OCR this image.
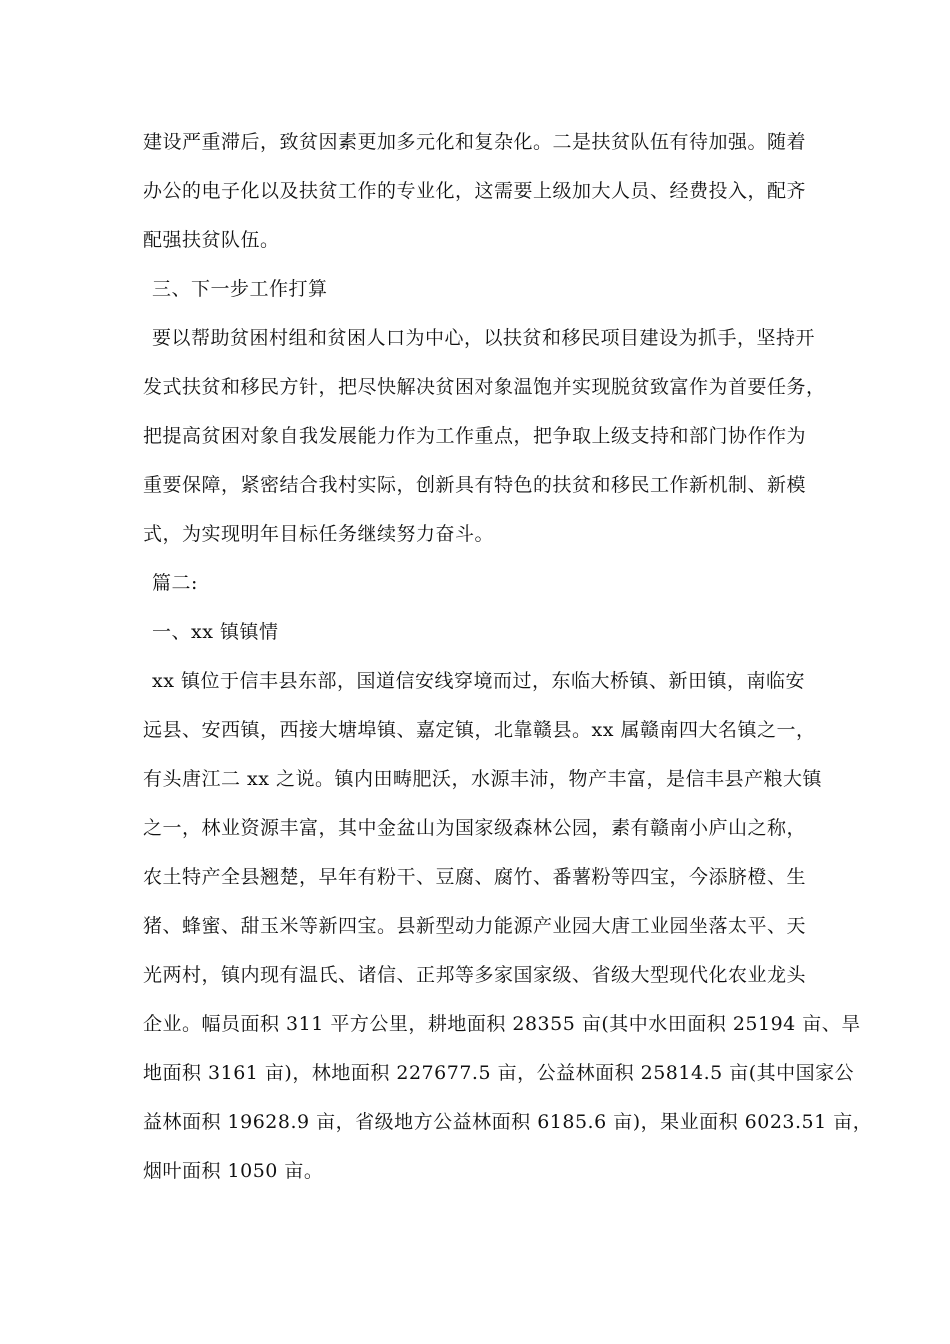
建设严重滞后，致贫因素更加多元化和复杂化。二是扶贫队伍有待加强。随着
办公的电子化以及扶贫工作的专业化，这需要上级加大人员、经费投入，配齐
配强扶贫队伍。
三、下一步工作打算
要以帮助贫困村组和贫困人口为中心，以扶贫和移民项目建设为抓手，坚持开
发式扶贫和移民方针，把尽快解决贫困对象温饱并实现脱贫致富作为首要任务，
把提高贫困对象自我发展能力作为工作重点，把争取上级支持和部门协作作为
重要保障，紧密结合我村实际，创新具有特色的扶贫和移民工作新机制、新模
式，为实现明年目标任务继续努力奋斗。
篇二:
一、xx 镇镇情
xx 镇位于信丰县东部，国道信安线穿境而过，东临大桥镇、新田镇，南临安
远县、安西镇，西接大塘埠镇、嘉定镇，北靠赣县。xx 属赣南四大名镇之一，
有头唐江二 xx 之说。镇内田畴肥沃，水源丰沛，物产丰富，是信丰县产粮大镇
之一，林业资源丰富，其中金盆山为国家级森林公园，素有赣南小庐山之称，
农土特产全县翘楚，早年有粉干、豆腐、腐竹、番薯粉等四宝，今添脐橙、生
猪、蜂蜜、甜玉米等新四宝。县新型动力能源产业园大唐工业园坐落太平、天
光两村，镇内现有温氏、诸信、正邦等多家国家级、省级大型现代化农业龙头
企业。幅员面积 311 平方公里，耕地面积 28355 亩(其中水田面积 25194 亩、旱
地面积 3161 亩)，林地面积 227677.5 亩，公益林面积 25814.5 亩(其中国家公
益林面积 19628.9 亩，省级地方公益林面积 6185.6 亩)，果业面积 6023.51 亩，
烟叶面积 1050 亩。
